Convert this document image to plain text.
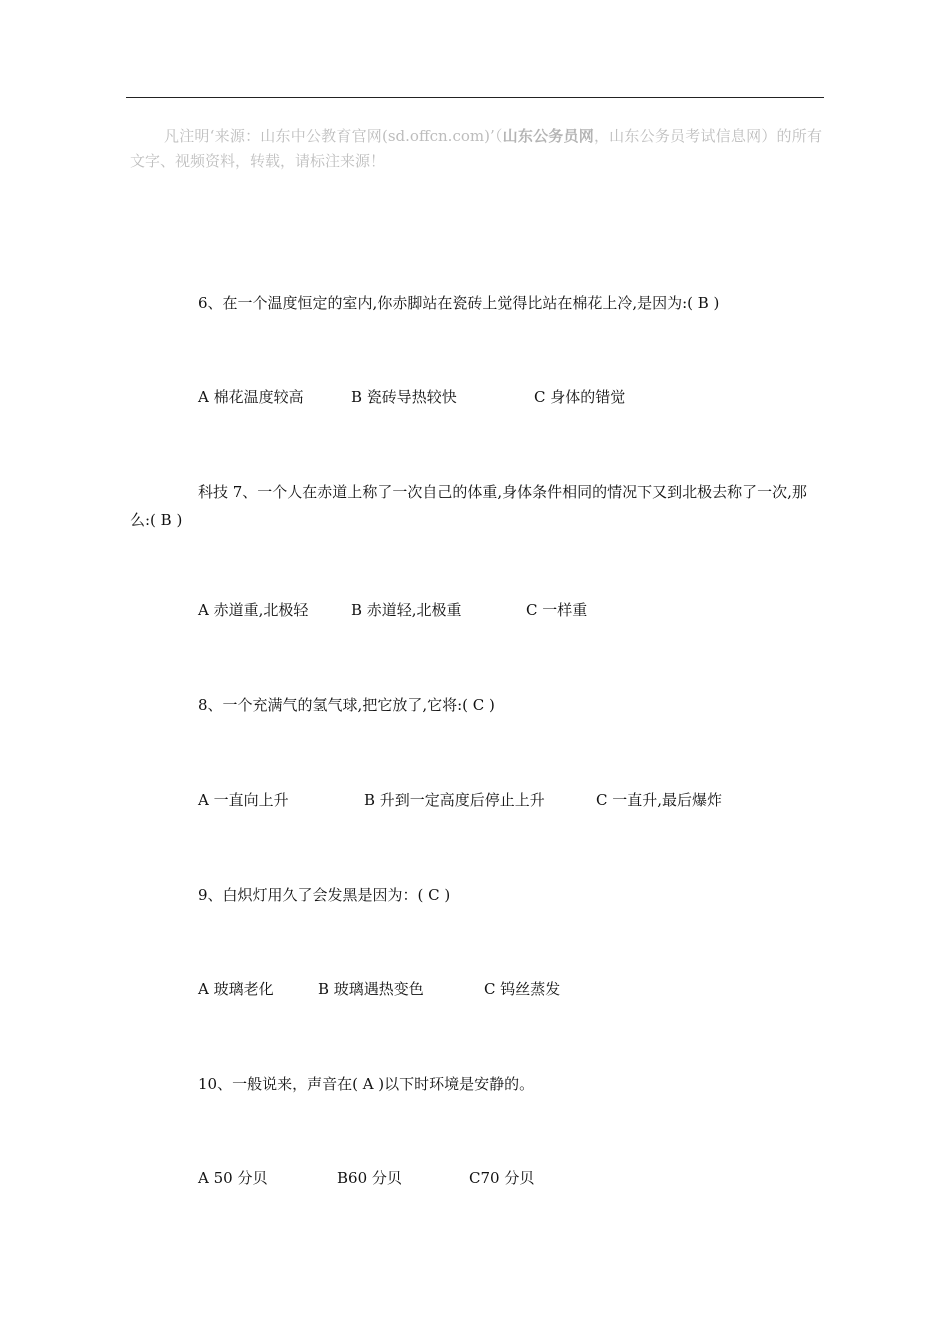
凡注明‘来源：山东中公教育官网(sd.offcn.com)’（山东公务员网，山东公务员考试信息网）的所有文字、视频资料，转载，请标注来源！
6、在一个温度恒定的室内,你赤脚站在瓷砖上觉得比站在棉花上冷,是因为:( B )
A 棉花温度较高	B 瓷砖导热较快	C 身体的错觉
科技 7、一个人在赤道上称了一次自己的体重,身体条件相同的情况下又到北极去称了一次,那么:( B )
A 赤道重,北极轻	B 赤道轻,北极重	C 一样重
8、一个充满气的氢气球,把它放了,它将:( C )
A 一直向上升	B 升到一定高度后停止上升	C 一直升,最后爆炸
9、白炽灯用久了会发黑是因为：( C )
A 玻璃老化	B 玻璃遇热变色	C 钨丝蒸发
10、一般说来，声音在( A )以下时环境是安静的。
A 50 分贝	B60 分贝	C70 分贝
